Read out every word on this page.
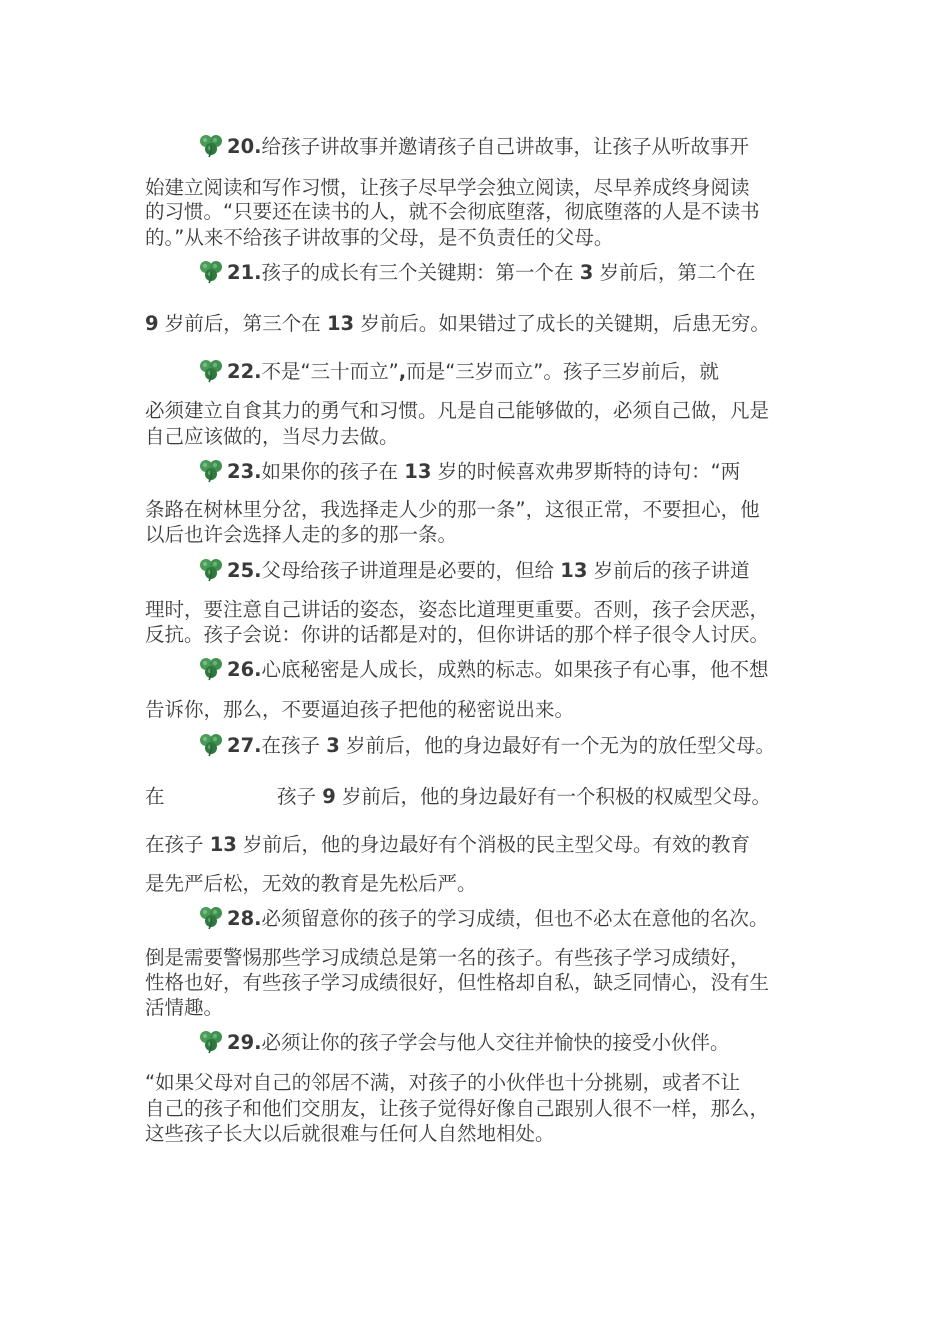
20.给孩子讲故事并邀请孩子自己讲故事，让孩子从听故事开
始建立阅读和写作习惯，让孩子尽早学会独立阅读，尽早养成终身阅读
的习惯。“只要还在读书的人，就不会彻底堕落，彻底堕落的人是不读书
的。”从来不给孩子讲故事的父母，是不负责任的父母。
21.孩子的成长有三个关键期：第一个在 3 岁前后，第二个在
9 岁前后，第三个在 13 岁前后。如果错过了成长的关键期，后患无穷。
22.不是“三十而立”,而是“三岁而立”。孩子三岁前后，就
必须建立自食其力的勇气和习惯。凡是自己能够做的，必须自己做，凡是
自己应该做的，当尽力去做。
23.如果你的孩子在 13 岁的时候喜欢弗罗斯特的诗句：“两
条路在树林里分岔，我选择走人少的那一条”，这很正常，不要担心，他
以后也许会选择人走的多的那一条。
25.父母给孩子讲道理是必要的，但给 13 岁前后的孩子讲道
理时，要注意自己讲话的姿态，姿态比道理更重要。否则，孩子会厌恶，
反抗。孩子会说：你讲的话都是对的，但你讲话的那个样子很令人讨厌。
26.心底秘密是人成长，成熟的标志。如果孩子有心事，他不想
告诉你，那么，不要逼迫孩子把他的秘密说出来。
27.在孩子 3 岁前后，他的身边最好有一个无为的放任型父母。
在	孩子 9 岁前后，他的身边最好有一个积极的权威型父母。
在孩子 13 岁前后，他的身边最好有个消极的民主型父母。有效的教育
是先严后松，无效的教育是先松后严。
28.必须留意你的孩子的学习成绩，但也不必太在意他的名次。
倒是需要警惕那些学习成绩总是第一名的孩子。有些孩子学习成绩好，
性格也好，有些孩子学习成绩很好，但性格却自私，缺乏同情心，没有生
活情趣。
29.必须让你的孩子学会与他人交往并愉快的接受小伙伴。
“如果父母对自己的邻居不满，对孩子的小伙伴也十分挑剔，或者不让
自己的孩子和他们交朋友，让孩子觉得好像自己跟别人很不一样，那么，
这些孩子长大以后就很难与任何人自然地相处。
